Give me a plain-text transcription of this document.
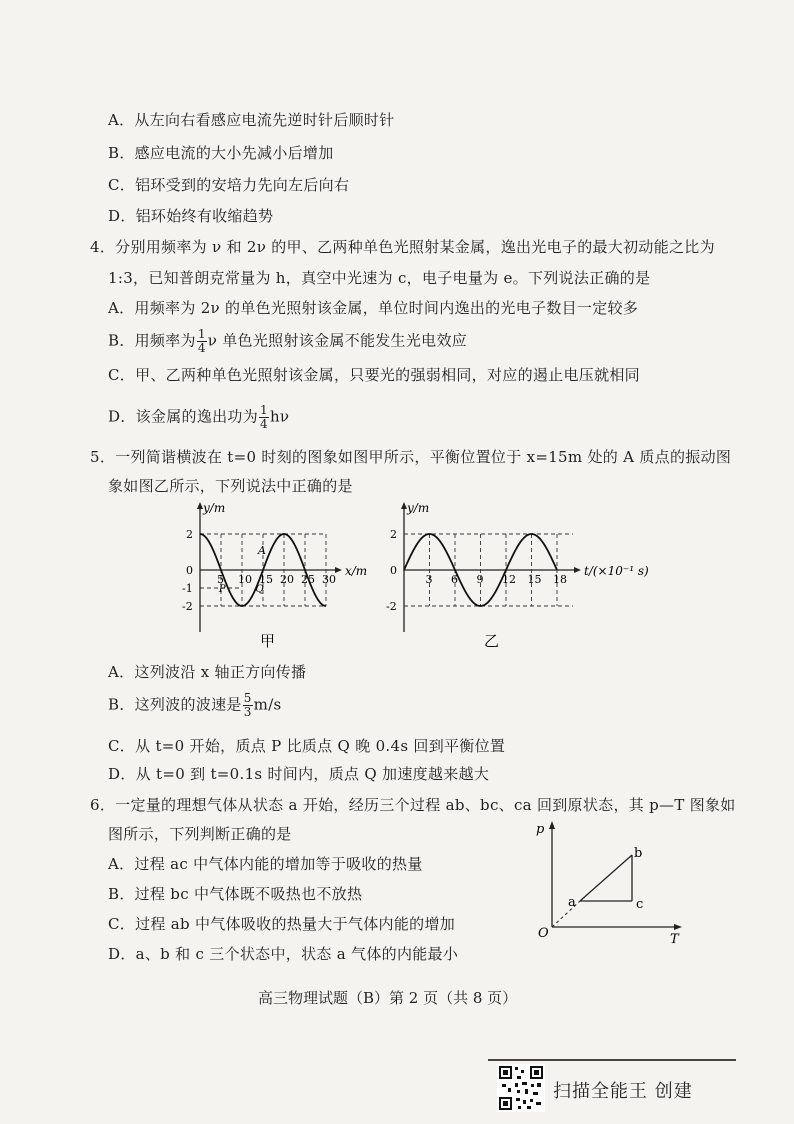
A．从左向右看感应电流先逆时针后顺时针
B．感应电流的大小先减小后增加
C．铝环受到的安培力先向左后向右
D．铝环始终有收缩趋势
4．分别用频率为 ν 和 2ν 的甲、乙两种单色光照射某金属，逸出光电子的最大初动能之比为
1:3，已知普朗克常量为 h，真空中光速为 c，电子电量为 e。下列说法正确的是
A．用频率为 2ν 的单色光照射该金属，单位时间内逸出的光电子数目一定较多
B．用频率为 $\frac{1}{4}$ ν 单色光照射该金属不能发生光电效应
C．甲、乙两种单色光照射该金属，只要光的强弱相同，对应的遏止电压就相同
D．该金属的逸出功为 $\frac{1}{4}$ hν
5．一列简谐横波在 t=0 时刻的图象如图甲所示，平衡位置位于 x=15m 处的 A 质点的振动图
象如图乙所示，下列说法中正确的是
5 10 15 20 25 30
2
0
-1
-2
y/m
x/m
甲
A
P	Q
3 6 9 12 15 18
2
0
-2
y/m
t/(×10⁻¹ s)
乙
A．这列波沿 x 轴正方向传播
B．这列波的波速是 $\frac{5}{3} m/s$
C．从 t=0 开始，质点 P 比质点 Q 晚 0.4s 回到平衡位置
D．从 t=0 到 t=0.1s 时间内，质点 Q 加速度越来越大
6．一定量的理想气体从状态 a 开始，经历三个过程 ab、bc、ca 回到原状态，其 p—T 图象如
图所示，下列判断正确的是
A．过程 ac 中气体内能的增加等于吸收的热量
B．过程 bc 中气体既不吸热也不放热
C．过程 ab 中气体吸收的热量大于气体内能的增加
D．a、b 和 c 三个状态中，状态 a 气体的内能最小
p
T
O
a
b
c
高三物理试题（B）第 2 页（共 8 页）
扫描全能王 创建
